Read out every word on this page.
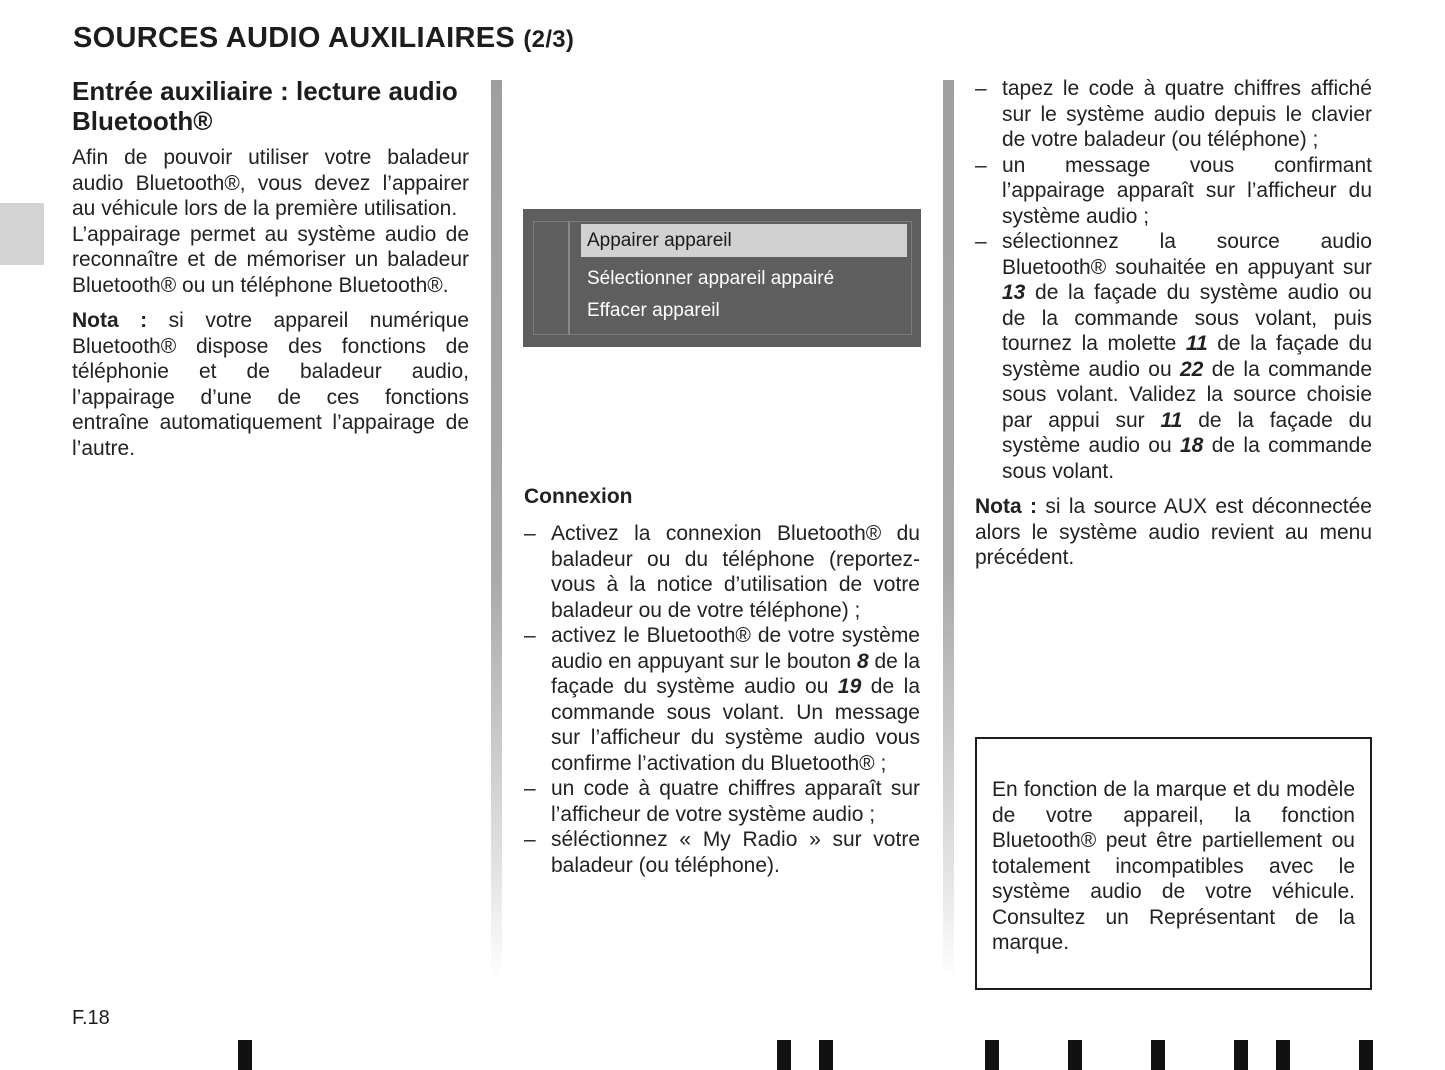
SOURCES AUDIO AUXILIAIRES (2/3)
Entrée auxiliaire : lecture audio Bluetooth®

Afin de pouvoir utiliser votre baladeur audio Bluetooth®, vous devez l’appairer au véhicule lors de la première utilisation.

L’appairage permet au système audio de reconnaître et de mémoriser un baladeur Bluetooth® ou un téléphone Bluetooth®.

Nota : si votre appareil numérique Bluetooth® dispose des fonctions de téléphonie et de baladeur audio, l’appairage d’une de ces fonctions entraîne automatiquement l’appairage de l’autre.

Appairer appareil
Sélectionner appareil appairé
Effacer appareil
Connexion
– Activez la connexion Bluetooth® du baladeur ou du téléphone (reportez-vous à la notice d’utilisation de votre baladeur ou de votre téléphone) ;
– activez le Bluetooth® de votre système audio en appuyant sur le bouton 8 de la façade du système audio ou 19 de la commande sous volant. Un message sur l’afficheur du système audio vous confirme l’activation du Bluetooth® ;
– un code à quatre chiffres apparaît sur l’afficheur de votre système audio ;
– séléctionnez « My Radio » sur votre baladeur (ou téléphone).
– tapez le code à quatre chiffres affiché sur le système audio depuis le clavier de votre baladeur (ou téléphone) ;
– un message vous confirmant l’appairage apparaît sur l’afficheur du système audio ;
– sélectionnez la source audio Bluetooth® souhaitée en appuyant sur 13 de la façade du système audio ou de la commande sous volant, puis tournez la molette 11 de la façade du système audio ou 22 de la commande sous volant. Validez la source choisie par appui sur 11 de la façade du système audio ou 18 de la commande sous volant.

Nota : si la source AUX est déconnectée alors le système audio revient au menu précédent.

En fonction de la marque et du modèle de votre appareil, la fonction Bluetooth® peut être partiellement ou totalement incompatibles avec le système audio de votre véhicule. Consultez un Représentant de la marque.

F.18
